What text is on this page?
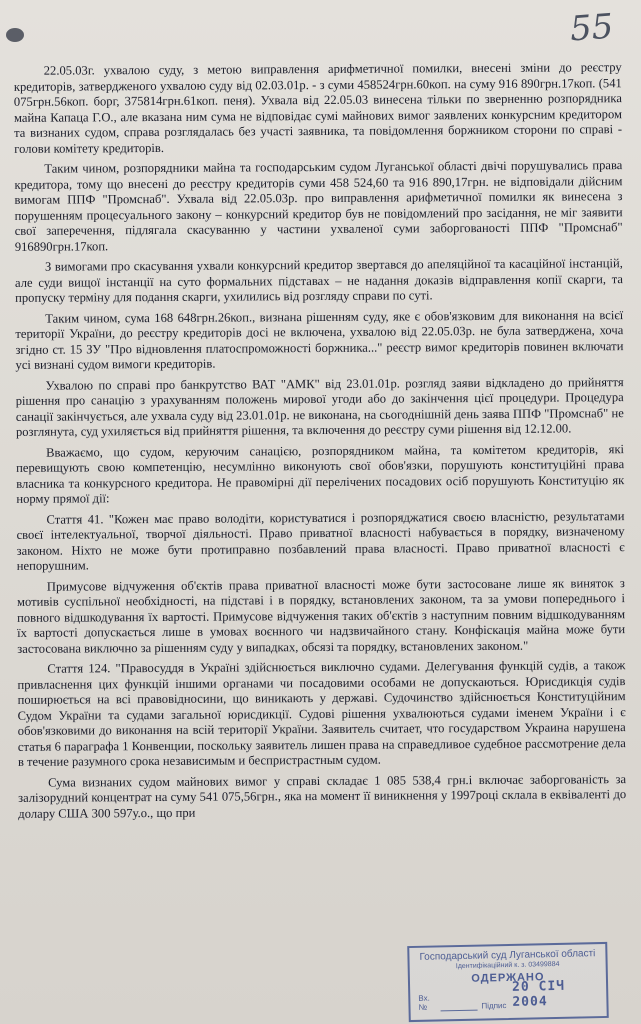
55

22.05.03г. ухвалою суду, з метою виправлення арифметичної помилки, внесені зміни до реєстру кредиторів, затвердженого ухвалою суду від 02.03.01р. - з суми 458524грн.60коп. на суму 916 890грн.17коп. (541 075грн.56коп. борг, 375814грн.61коп. пеня). Ухвала від 22.05.03 винесена тільки по зверненню розпорядника майна Капаца Г.О., але вказана ним сума не відповідає сумі майнових вимог заявлених конкурсним кредитором та визнаних судом, справа розглядалась без участі заявника, та повідомлення боржником сторони по справі - голови комітету кредиторів.

Таким чином, розпорядники майна та господарським судом Луганської області двічі порушувались права кредитора, тому що внесені до реєстру кредиторів суми 458 524,60 та 916 890,17грн. не відповідали дійсним вимогам ППФ "Промснаб". Ухвала від 22.05.03р. про виправлення арифметичної помилки як винесена з порушенням процесуального закону – конкурсний кредитор був не повідомлений про засідання, не міг заявити свої заперечення, підлягала скасуванню у частини ухваленої суми заборгованості ППФ "Промснаб" 916890грн.17коп.

З вимогами про скасування ухвали конкурсний кредитор звертався до апеляційної та касаційної інстанцій, але суди вищої інстанції на суто формальних підставах – не надання доказів відправлення копії скарги, та пропуску терміну для подання скарги, ухилились від розгляду справи по суті.

Таким чином, сума 168 648грн.26коп., визнана рішенням суду, яке є обов'язковим для виконання на всієї території України, до реєстру кредиторів досі не включена, ухвалою від 22.05.03р. не була затверджена, хоча згідно ст. 15 ЗУ "Про відновлення платоспроможності боржника..." реєстр вимог кредиторів повинен включати усі визнані судом вимоги кредиторів.

Ухвалою по справі про банкрутство ВАТ "АМК" від 23.01.01р. розгляд заяви відкладено до прийняття рішення про санацію з урахуванням положень мирової угоди або до закінчення цієї процедури. Процедура санації закінчується, але ухвала суду від 23.01.01р. не виконана, на сьогоднішній день заява ППФ "Промснаб" не розглянута, суд ухиляється від прийняття рішення, та включення до реєстру суми рішення від 12.12.00.

Вважаємо, що судом, керуючим санацією, розпорядником майна, та комітетом кредиторів, які перевищують свою компетенцію, несумлінно виконують свої обов'язки, порушують конституційні права власника та конкурсного кредитора. Не правомірні дії перелічених посадових осіб порушують Конституцію як норму прямої дії:

Стаття 41. "Кожен має право володіти, користуватися і розпоряджатися своєю власністю, результатами своєї інтелектуальної, творчої діяльності. Право приватної власності набувається в порядку, визначеному законом. Ніхто не може бути протиправно позбавлений права власності. Право приватної власності є непорушним.

Примусове відчуження об'єктів права приватної власності може бути застосоване лише як виняток з мотивів суспільної необхідності, на підставі і в порядку, встановлених законом, та за умови попереднього і повного відшкодування їх вартості. Примусове відчуження таких об'єктів з наступним повним відшкодуванням їх вартості допускається лише в умовах воєнного чи надзвичайного стану. Конфіскація майна може бути застосована виключно за рішенням суду у випадках, обсязі та порядку, встановлених законом."

Стаття 124. "Правосуддя в Україні здійснюється виключно судами. Делегування функцій судів, а також привласнення цих функцій іншими органами чи посадовими особами не допускаються. Юрисдикція судів поширюється на всі правовідносини, що виникають у державі. Судочинство здійснюється Конституційним Судом України та судами загальної юрисдикції. Судові рішення ухвалюються судами іменем України і є обов'язковими до виконання на всій території України. Заявитель считает, что государством Украина нарушена статья 6 параграфа 1 Конвенции, поскольку заявитель лишен права на справедливое судебное рассмотрение дела в течение разумного срока независимым и беспристрастным судом.

Сума визнаних судом майнових вимог у справі складає 1 085 538,4 грн.і включає заборгованість за залізорудний концентрат на суму 541 075,56грн., яка на момент її виникнення у 1997році склала в еквіваленті до долару США 300 597у.о., що при

Господарський суд Луганської області
Ідентифікаційний к. з. 03499884
ОДЕРЖАНО
Вх.№	Підпис
20 СІЧ 2004
